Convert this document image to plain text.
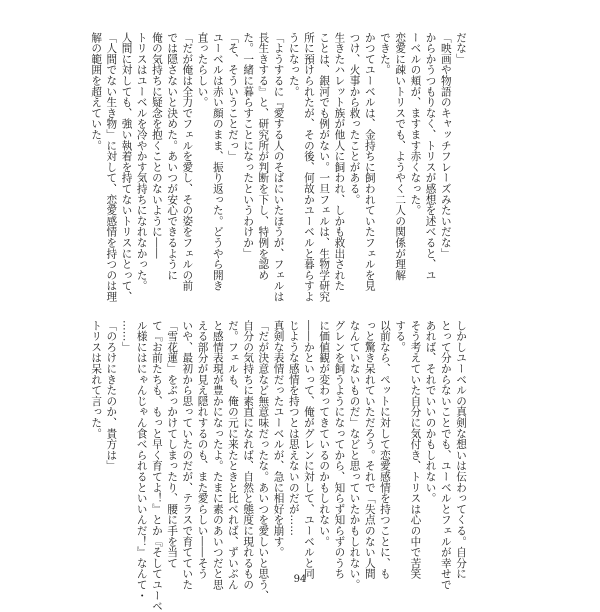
だな」
「映画や物語のキャッチフレーズみたいだな」
からかうつもりなく、トリスが感想を述べると、ユ
ーベルの頬が、ますます赤くなった。
恋愛に疎いトリスでも、ようやく二人の関係が理解
できた。
かつてユーベルは、金持ちに飼われていたフェルを見
つけ、火事から救ったことがある。
生きたハレット族が他人に飼われ、しかも救出された
ことは、銀河でも例がない。一旦フェルは、生物学研究
所に預けられたが、その後、何故かユーベルと暮らすよ
うになった。
「ようするに『愛する人のそばにいたほうが、フェルは
長生きする』と、研究所が判断を下し、特例を認め
た。一緒に暮らすことになったというわけか」
「そ、そういうことだっ」
ユーベルは赤い顔のまま、振り返った。どうやら開き
直ったらしい。
「だが俺は全力でフェルを愛し、その姿をフェルの前
では隠さないと決めた。あいつが安心できるように
俺の気持ちに疑念を抱くことのないように――
トリスはユーベルを冷やかす気持ちになれなかった。
人間に対しても、強い執着を持てないトリスにとって、
「人間でない生き物」に対して、恋愛感情を持つのは理
解の範囲を超えていた。
しかしユーベルの真剣な想いは伝わってくる。自分に
とって分からないことでも、ユーベルとフェルが幸せで
あれば、それでいいのかもしれない。
そう考えていた自分に気付き、トリスは心の中で苦笑
する。
以前なら、ペットに対して恋愛感情を持つことに、も
っと驚き呆れていただろう。それで「失点のない人間
なんていないものだ」などと思っていたかもしれない。
グレンを飼うようになってから、知らず知らずのうち
に価値観が変わってきているのかもしれない。
――かといって、俺がグレンに対して、ユーベルと同
じような感情を持つとは思えないのだが……
真剣な表情だったユーベルが、急に相好を崩す。
「だが決意など無意味だったな。あいつを愛しいと思う、
自分の気持ちに素直になれば、自然と態度に現れるもの
だ。フェルも、俺の元に来たときと比べれば、ずいぶん
と感情表現が豊かになったよ。たまに素のあいつだと思
える部分が見え隠れするのも、また愛らしい――そう
いや、最初から思っていたのだが、テラスで育てていた
「雪花蓮」をぶっかけてしまったり、腰に手を当て
て『お前たちも、もっと早く育てよ！』とか『そしてユーベ
ル様にはにゃんじゃん食べられるといいんだ！』なんて・
……」
「のろけにきたのか、貴方は」
トリスは呆れて言った。
94
